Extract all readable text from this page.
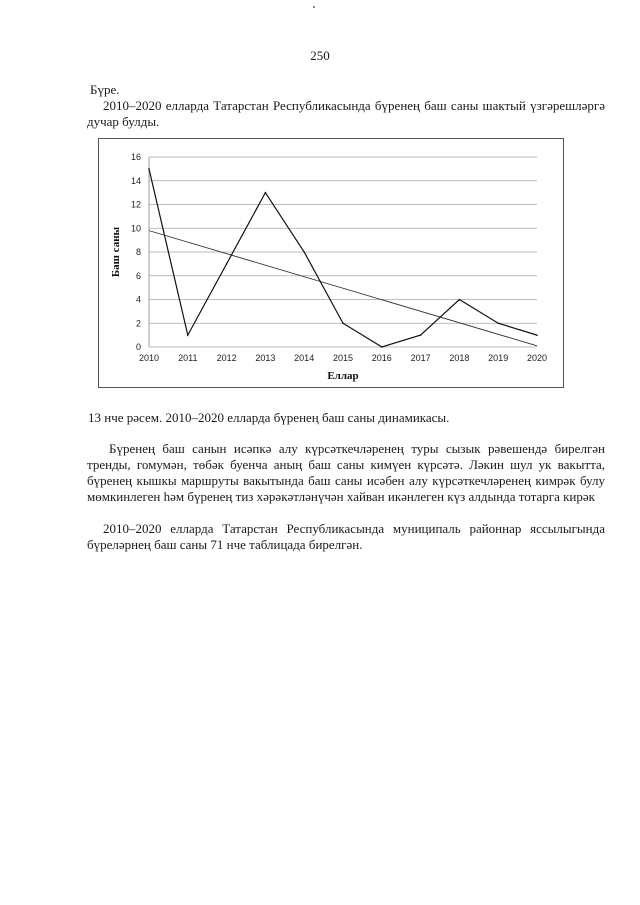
250

Бүре.

2010–2020 елларда Татарстан Республикасында бүренең баш саны шактый үзгәрешләргә дучар булды.

0
2
4
6
8
10
12
14
16
2010 2011 2012 2013 2014 2015 2016 2017 2018 2019 2020
Еллар
Баш саны
13 нче рәсем. 2010–2020 елларда бүренең баш саны динамикасы.

Бүренең баш санын исәпкә алу күрсәткечләренең туры сызык рәвешендә бирелгән тренды, гомумән, төбәк буенча аның баш саны кимүен күрсәтә. Ләкин шул ук вакытта, бүренең кышкы маршруты вакытында баш саны исәбен алу күрсәткечләренең кимрәк булу мөмкинлеген һәм бүренең тиз хәрәкәтләнүчән хайван икәнлеген күз алдында тотарга кирәк

2010–2020 елларда Татарстан Республикасында муниципаль районнар яссылыгында бүреләрнең баш саны 71 нче таблицада бирелгән.
